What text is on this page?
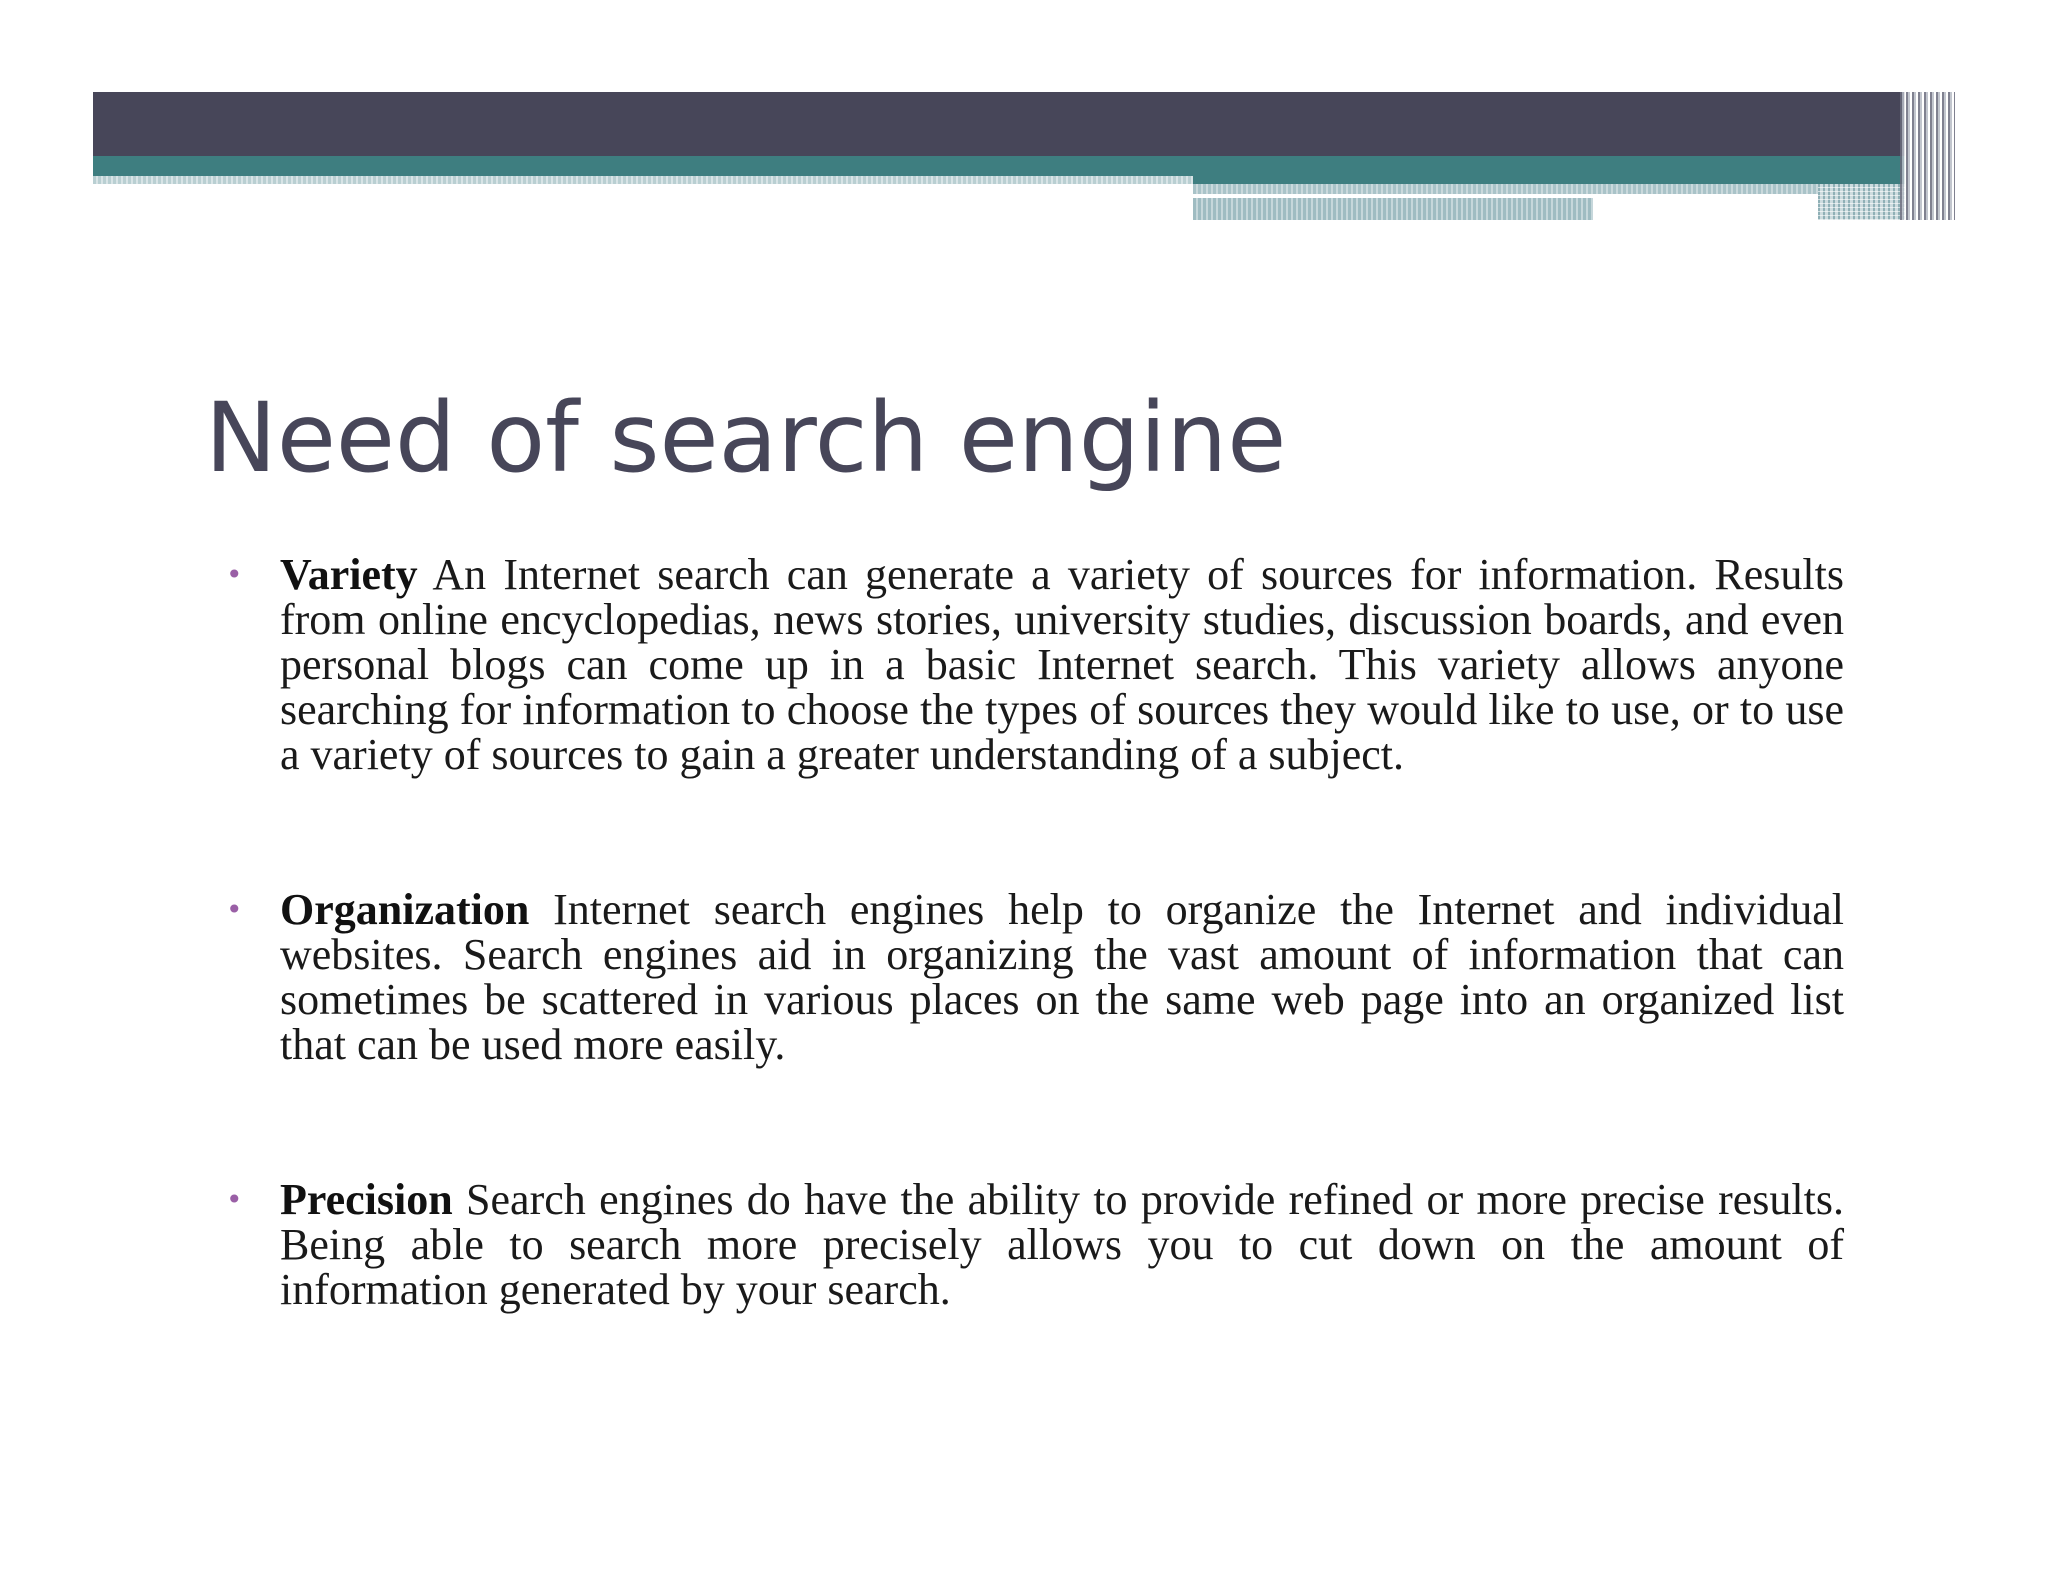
Need of search engine
• Variety An Internet search can generate a variety of sources for information. Results from online encyclopedias, news stories, university studies, discussion boards, and even personal blogs can come up in a basic Internet search. This variety allows anyone searching for information to choose the types of sources they would like to use, or to use a variety of sources to gain a greater understanding of a subject.
• Organization Internet search engines help to organize the Internet and individual websites. Search engines aid in organizing the vast amount of information that can sometimes be scattered in various places on the same web page into an organized list that can be used more easily.
• Precision Search engines do have the ability to provide refined or more precise results. Being able to search more precisely allows you to cut down on the amount of information generated by your search.
